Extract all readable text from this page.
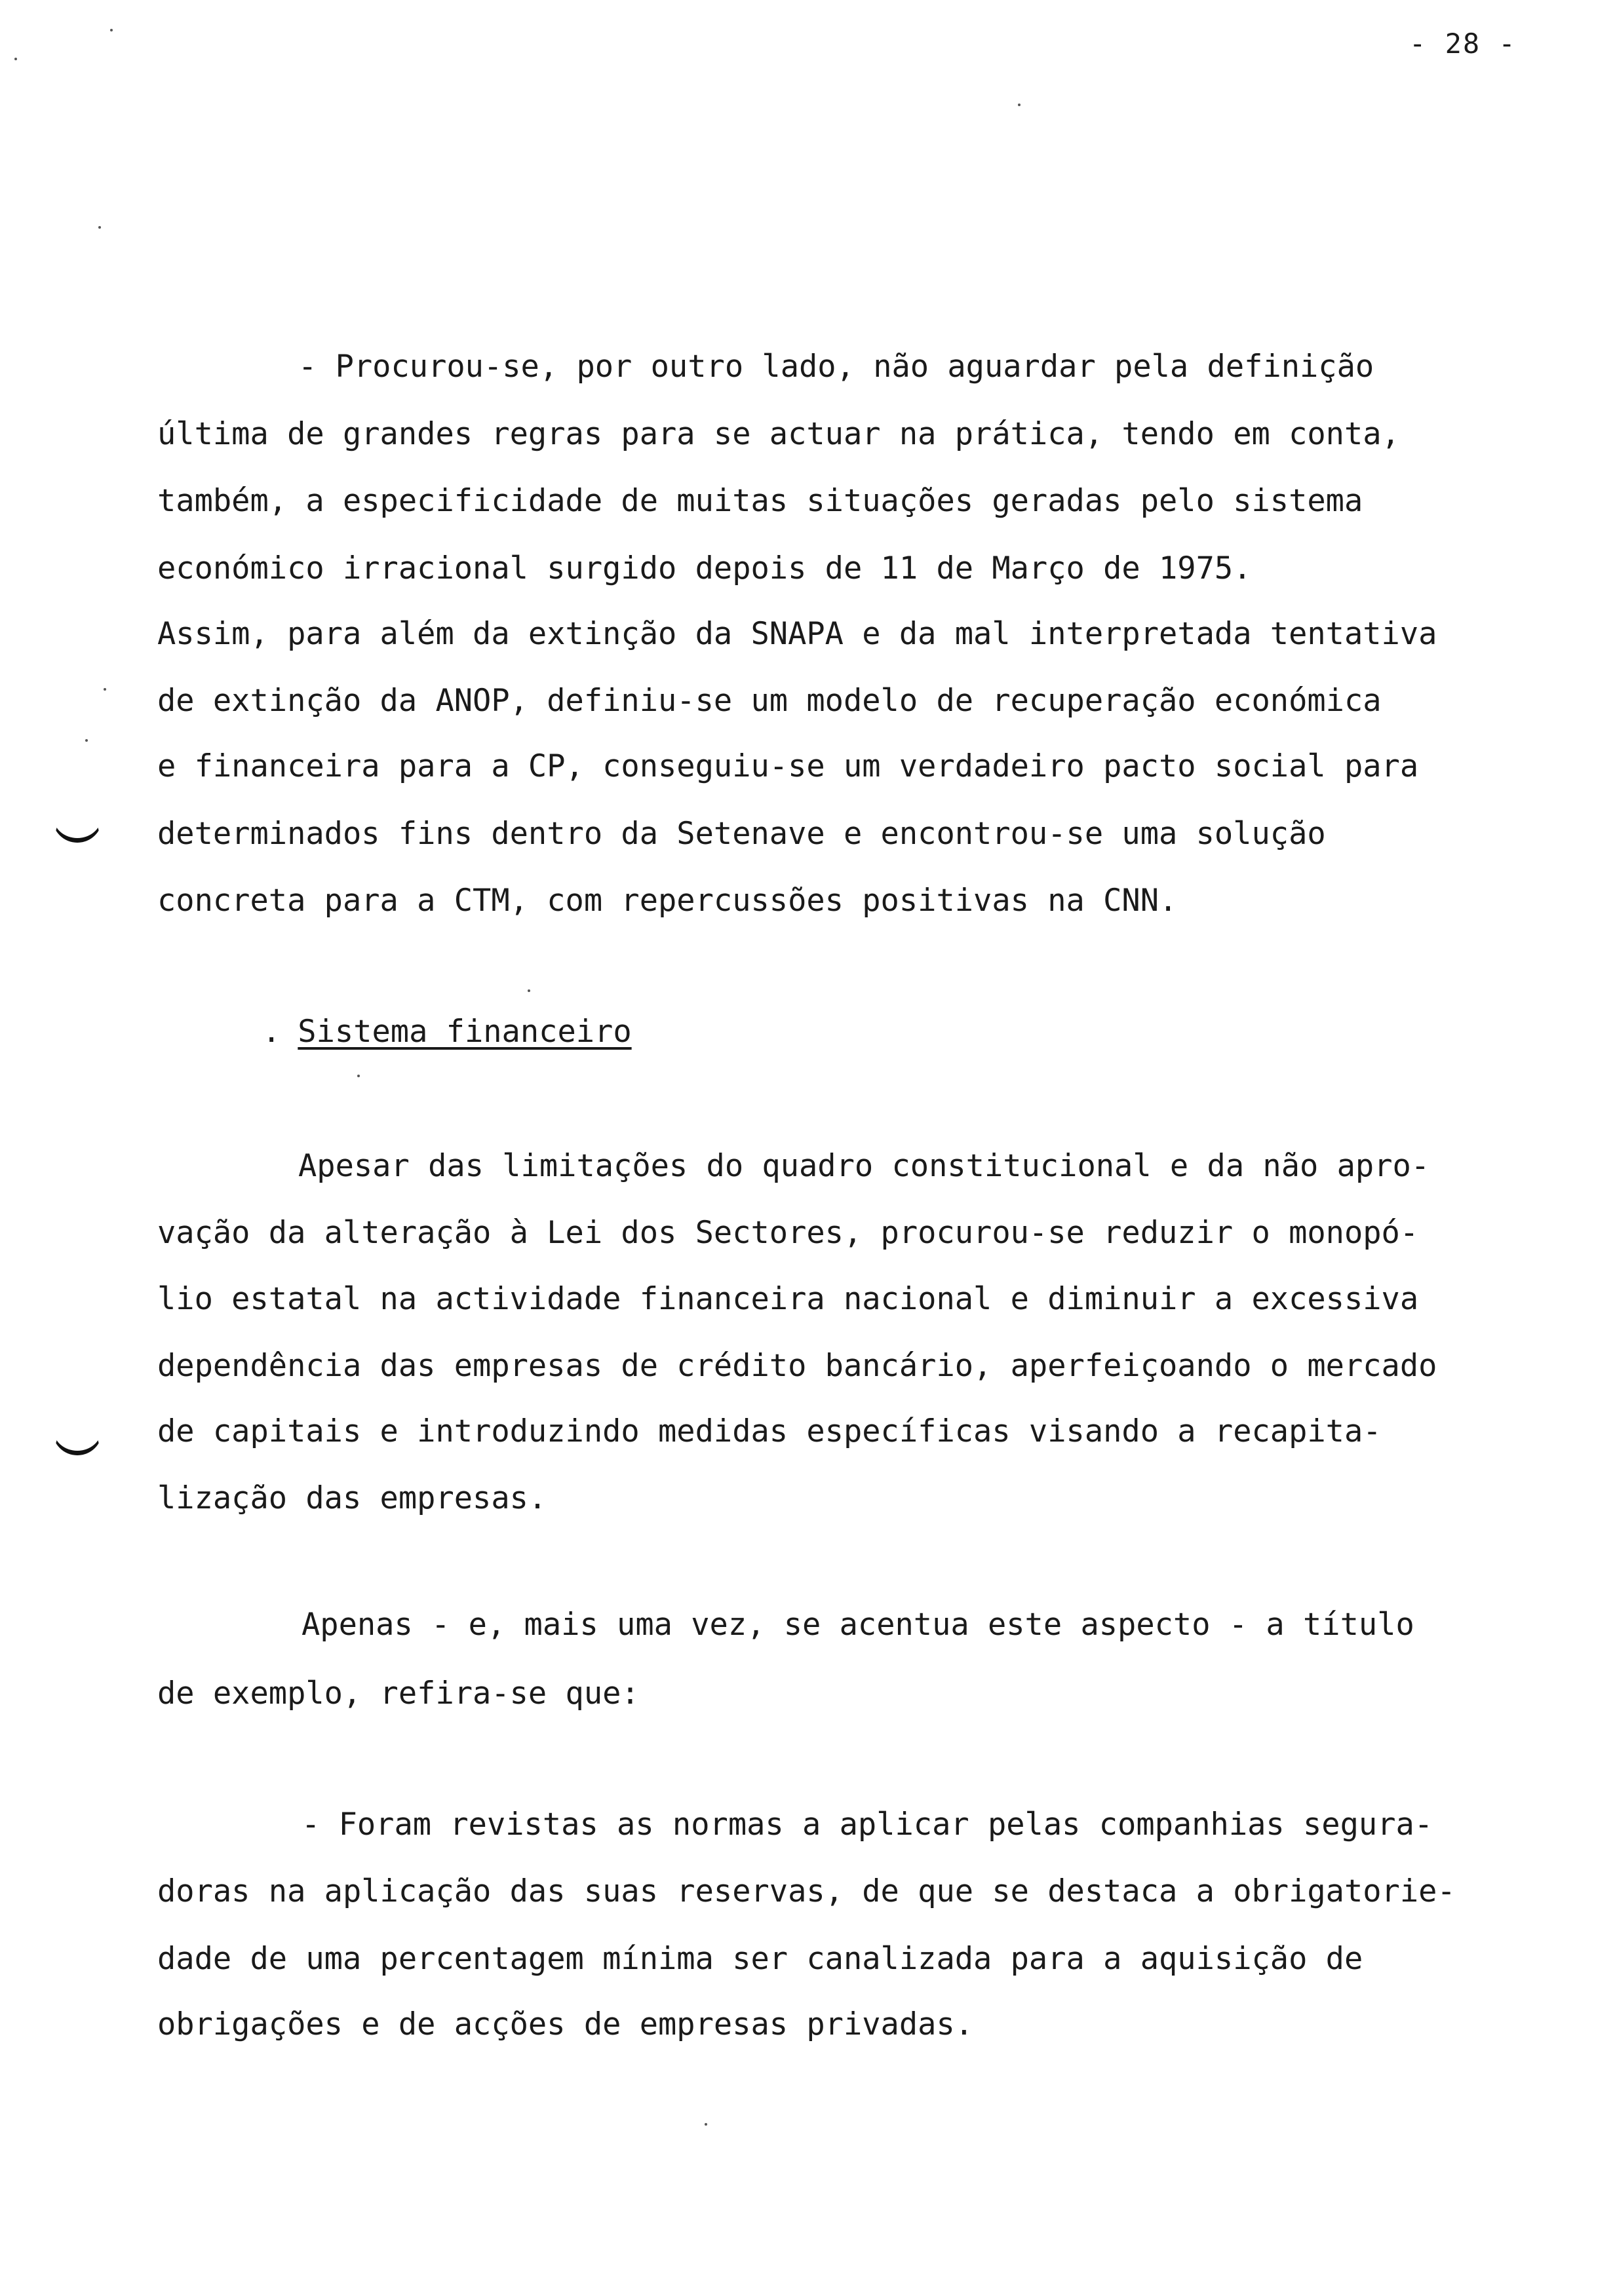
- 28 -
- Procurou-se, por outro lado, não aguardar pela definição
última de grandes regras para se actuar na prática, tendo em conta,
também, a especificidade de muitas situações geradas pelo sistema
económico irracional surgido depois de 11 de Março de 1975.
Assim, para além da extinção da SNAPA e da mal interpretada tentativa
de extinção da ANOP, definiu-se um modelo de recuperação económica
e financeira para a CP, conseguiu-se um verdadeiro pacto social para
determinados fins dentro da Setenave e encontrou-se uma solução
concreta para a CTM, com repercussões positivas na CNN.
. Sistema financeiro
Apesar das limitações do quadro constitucional e da não apro-
vação da alteração à Lei dos Sectores, procurou-se reduzir o monopó-
lio estatal na actividade financeira nacional e diminuir a excessiva
dependência das empresas de crédito bancário, aperfeiçoando o mercado
de capitais e introduzindo medidas específicas visando a recapita-
lização das empresas.
Apenas - e, mais uma vez, se acentua este aspecto - a título
de exemplo, refira-se que:
- Foram revistas as normas a aplicar pelas companhias segura-
doras na aplicação das suas reservas, de que se destaca a obrigatorie-
dade de uma percentagem mínima ser canalizada para a aquisição de
obrigações e de acções de empresas privadas.
